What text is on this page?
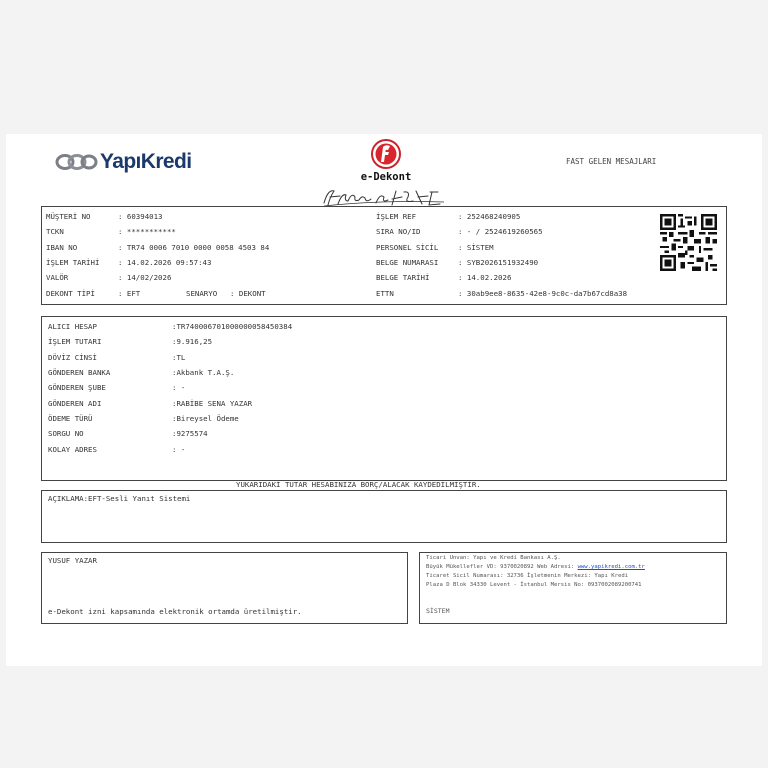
YapıKredi
e-Dekont
FAST GELEN MESAJLARI
MÜŞTERİ NO	: 60394013
TCKN	: ***********
IBAN NO	: TR74 0006 7010 0000 0058 4503 84
İŞLEM TARİHİ	: 14.02.2026 09:57:43
VALÖR	: 14/02/2026
DEKONT TİPİ	: EFT	SENARYO : DEKONT
İŞLEM REF	: 252468240905
SIRA NO/ID	: - / 2524619260565
PERSONEL SİCİL	: SİSTEM
BELGE NUMARASI	: SYB2026151932490
BELGE TARİHİ	: 14.02.2026
ETTN	: 30ab9ee8-8635-42e8-9c0c-da7b67cd8a38
ALICI HESAP	:TR740006701000000058450384
İŞLEM TUTARI	:9.916,25
DÖVİZ CİNSİ	:TL
GÖNDEREN BANKA	:Akbank T.A.Ş.
GÖNDEREN ŞUBE	: -
GÖNDEREN ADI	:RABİBE SENA YAZAR
ÖDEME TÜRÜ	:Bireysel Ödeme
SORGU NO	:9275574
KOLAY ADRES	: -
YUKARIDAKİ TUTAR HESABINIZA BORÇ/ALACAK KAYDEDİLMİŞTİR.
AÇIKLAMA:EFT-Sesli Yanıt Sistemi
YUSUF YAZAR
e-Dekont izni kapsamında elektronik ortamda üretilmiştir.
Ticari Unvan: Yapı ve Kredi Bankası A.Ş.
Büyük Mükellefler VD: 9370020892 Web Adresi: www.yapikredi.com.tr
Ticaret Sicil Numarası: 32736 İşletmenin Merkezi: Yapı Kredi
Plaza D Blok 34330 Levent - İstanbul Mersis No: 0937002089200741
SİSTEM
